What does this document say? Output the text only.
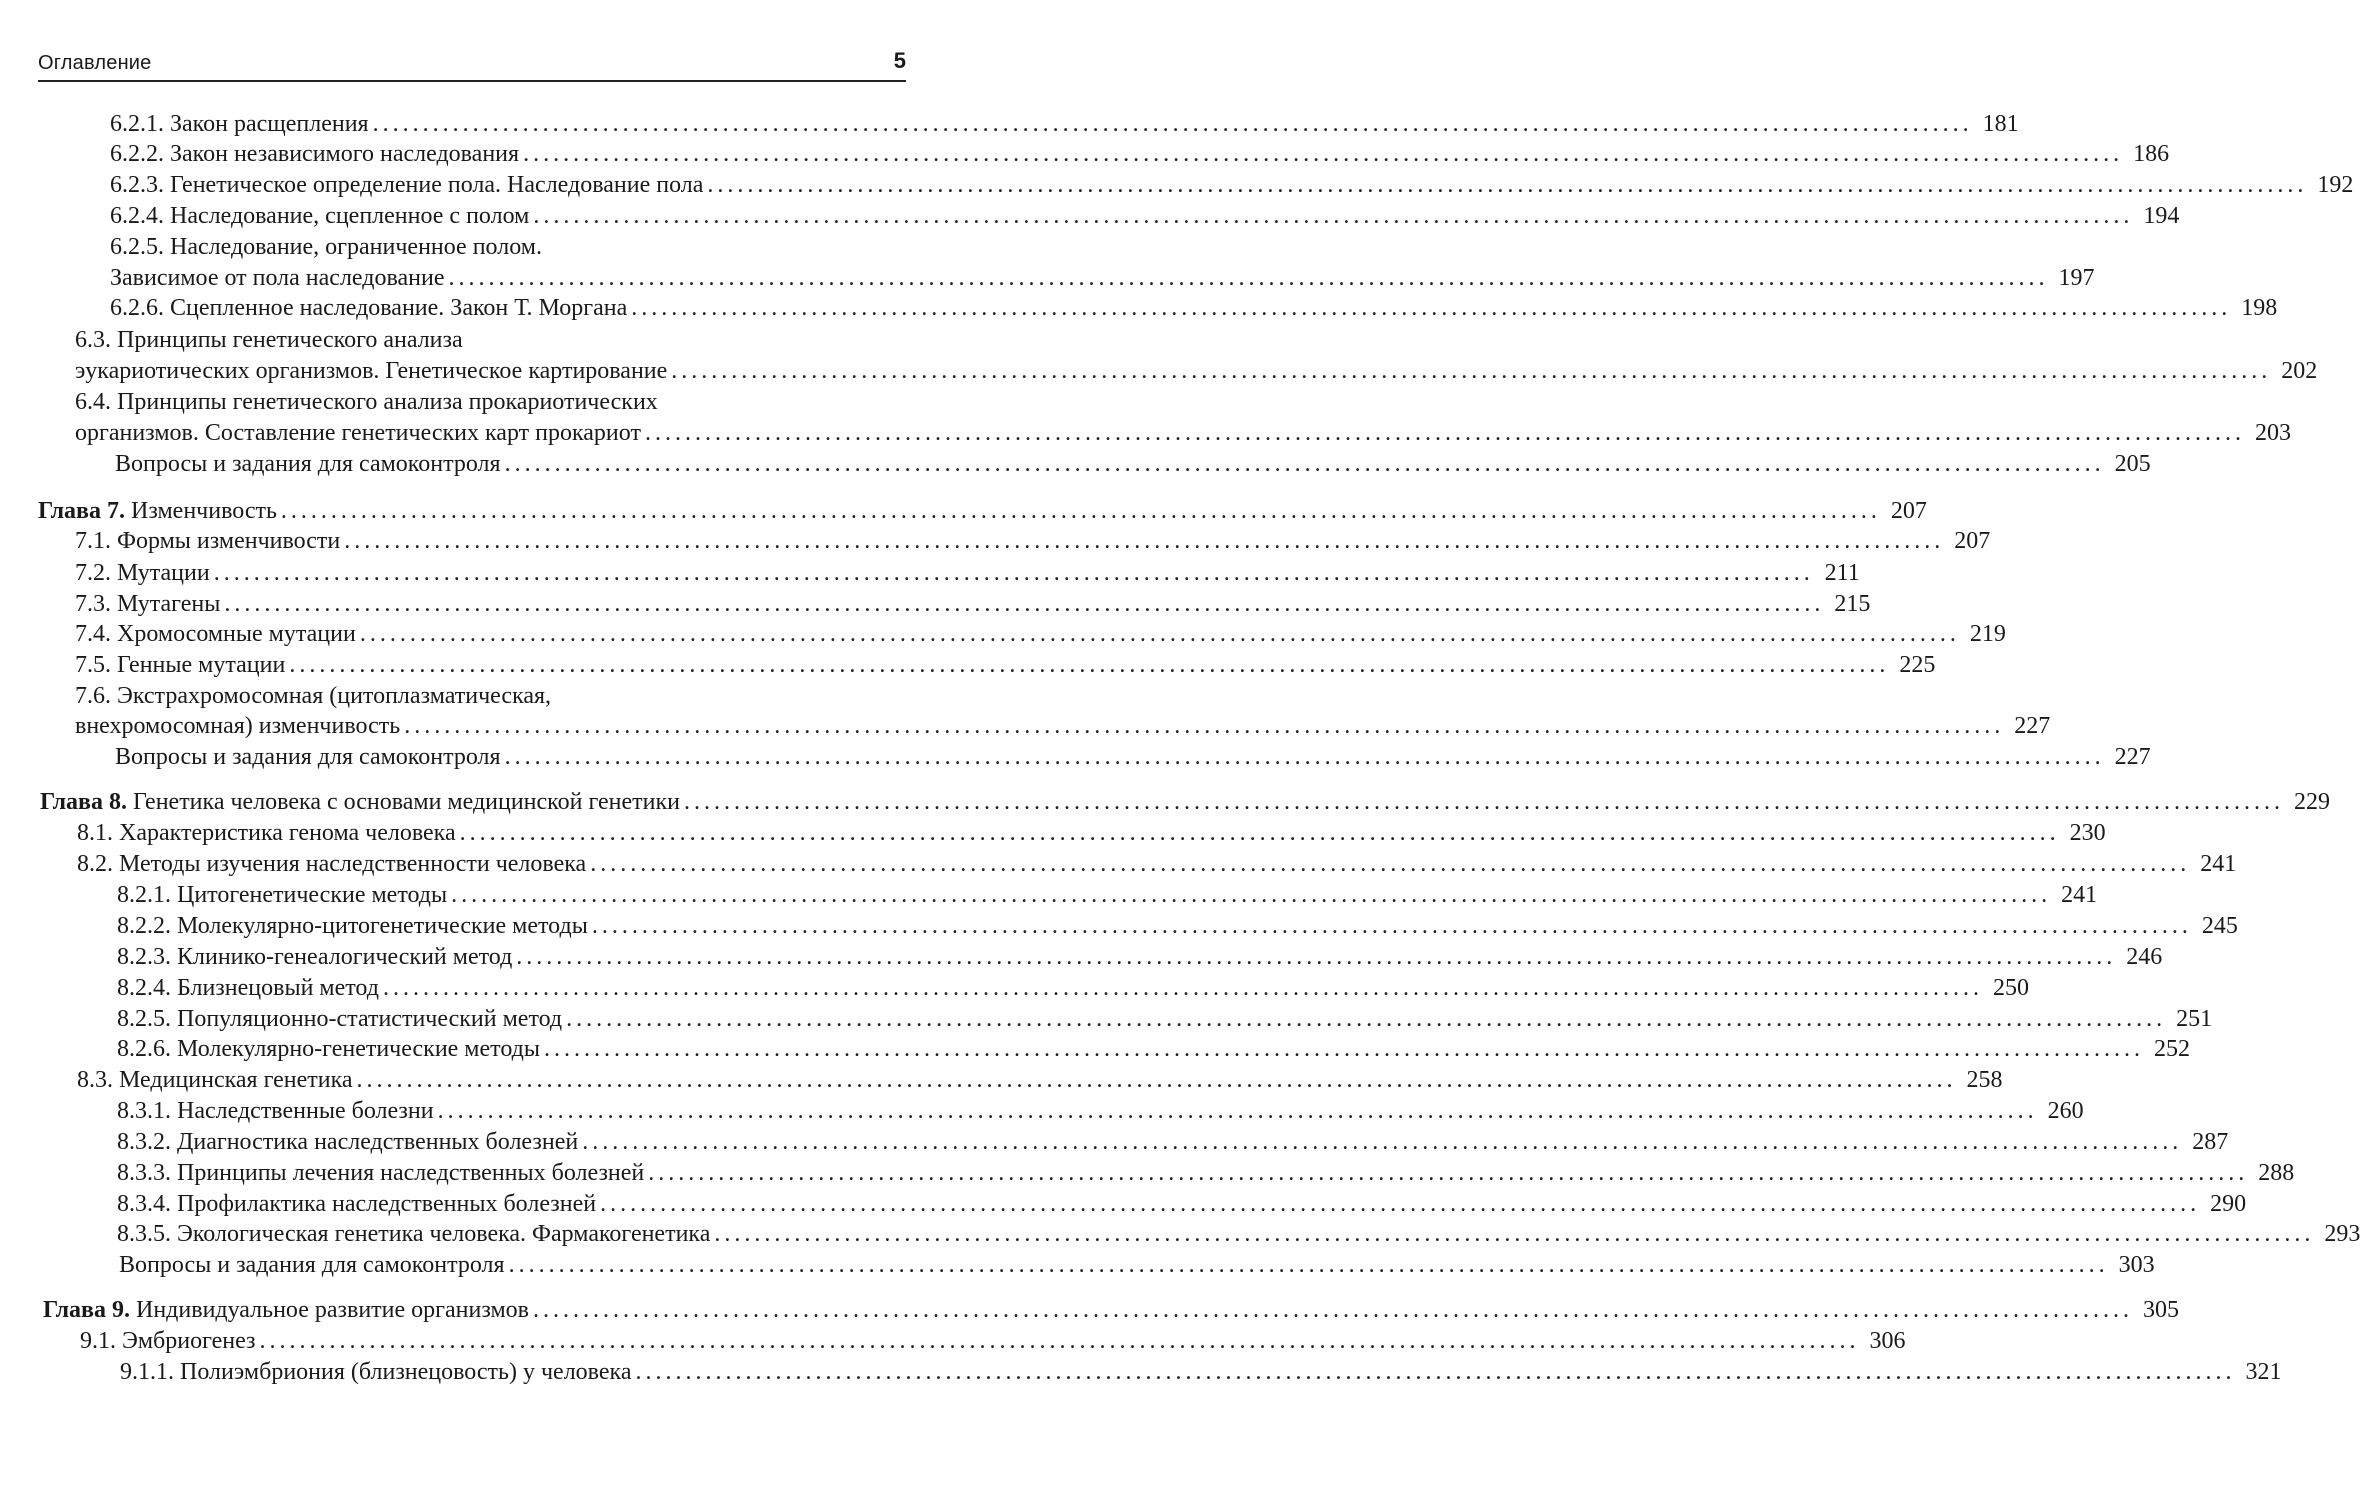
Оглавление	5
6.2.1. Закон расщепления ................................................................................................................................................................ 181
6.2.2. Закон независимого наследования ................................................................................................................................................................ 186
6.2.3. Генетическое определение пола. Наследование пола ................................................................................................................................................................ 192
6.2.4. Наследование, сцепленное с полом ................................................................................................................................................................ 194
6.2.5. Наследование, ограниченное полом.
Зависимое от пола наследование ................................................................................................................................................................ 197
6.2.6. Сцепленное наследование. Закон Т. Моргана ................................................................................................................................................................ 198
6.3. Принципы генетического анализа
эукариотических организмов. Генетическое картирование ................................................................................................................................................................ 202
6.4. Принципы генетического анализа прокариотических
организмов. Составление генетических карт прокариот ................................................................................................................................................................ 203
Вопросы и задания для самоконтроля ................................................................................................................................................................ 205
Глава 7. Изменчивость ................................................................................................................................................................ 207
7.1. Формы изменчивости ................................................................................................................................................................ 207
7.2. Мутации ................................................................................................................................................................ 211
7.3. Мутагены ................................................................................................................................................................ 215
7.4. Хромосомные мутации ................................................................................................................................................................ 219
7.5. Генные мутации ................................................................................................................................................................ 225
7.6. Экстрахромосомная (цитоплазматическая,
внехромосомная) изменчивость ................................................................................................................................................................ 227
Вопросы и задания для самоконтроля ................................................................................................................................................................ 227
Глава 8. Генетика человека с основами медицинской генетики ................................................................................................................................................................ 229
8.1. Характеристика генома человека ................................................................................................................................................................ 230
8.2. Методы изучения наследственности человека ................................................................................................................................................................ 241
8.2.1. Цитогенетические методы ................................................................................................................................................................ 241
8.2.2. Молекулярно-цитогенетические методы ................................................................................................................................................................ 245
8.2.3. Клинико-генеалогический метод ................................................................................................................................................................ 246
8.2.4. Близнецовый метод ................................................................................................................................................................ 250
8.2.5. Популяционно-статистический метод ................................................................................................................................................................ 251
8.2.6. Молекулярно-генетические методы ................................................................................................................................................................ 252
8.3. Медицинская генетика ................................................................................................................................................................ 258
8.3.1. Наследственные болезни ................................................................................................................................................................ 260
8.3.2. Диагностика наследственных болезней ................................................................................................................................................................ 287
8.3.3. Принципы лечения наследственных болезней ................................................................................................................................................................ 288
8.3.4. Профилактика наследственных болезней ................................................................................................................................................................ 290
8.3.5. Экологическая генетика человека. Фармакогенетика ................................................................................................................................................................ 293
Вопросы и задания для самоконтроля ................................................................................................................................................................ 303
Глава 9. Индивидуальное развитие организмов ................................................................................................................................................................ 305
9.1. Эмбриогенез ................................................................................................................................................................ 306
9.1.1. Полиэмбриония (близнецовость) у человека ................................................................................................................................................................ 321
